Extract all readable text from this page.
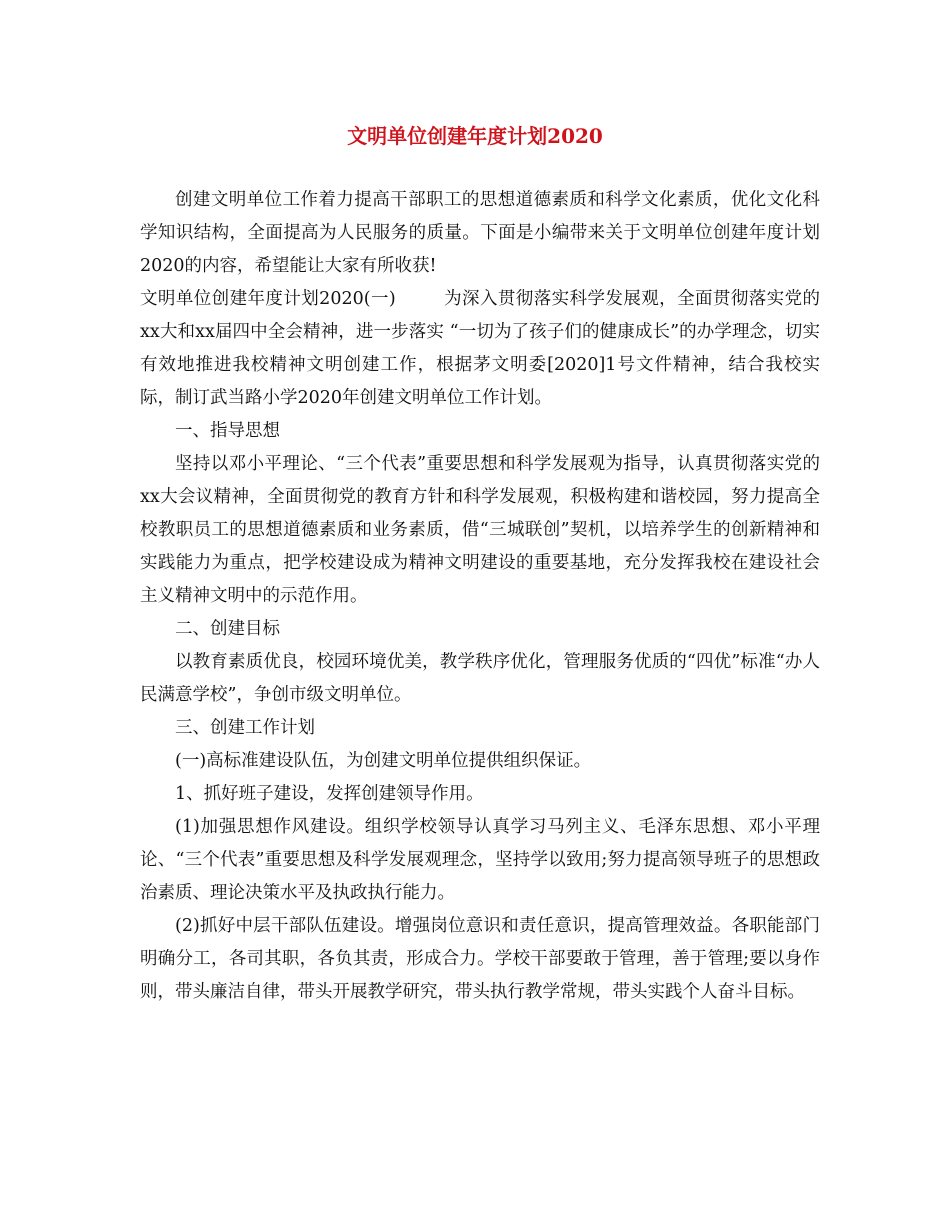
文明单位创建年度计划2020

创建文明单位工作着力提高干部职工的思想道德素质和科学文化素质，优化文化科学知识结构，全面提高为人民服务的质量。下面是小编带来关于文明单位创建年度计划2020的内容，希望能让大家有所收获!

文明单位创建年度计划2020(一)	为深入贯彻落实科学发展观，全面贯彻落实党的xx大和xx届四中全会精神，进一步落实 “一切为了孩子们的健康成长”的办学理念，切实有效地推进我校精神文明创建工作，根据茅文明委[2020]1号文件精神，结合我校实际，制订武当路小学2020年创建文明单位工作计划。

一、指导思想

坚持以邓小平理论、“三个代表”重要思想和科学发展观为指导，认真贯彻落实党的xx大会议精神，全面贯彻党的教育方针和科学发展观，积极构建和谐校园，努力提高全校教职员工的思想道德素质和业务素质，借“三城联创”契机，以培养学生的创新精神和实践能力为重点，把学校建设成为精神文明建设的重要基地，充分发挥我校在建设社会主义精神文明中的示范作用。

二、创建目标

以教育素质优良，校园环境优美，教学秩序优化，管理服务优质的“四优”标准“办人民满意学校”，争创市级文明单位。

三、创建工作计划

(一)高标准建设队伍，为创建文明单位提供组织保证。

1、抓好班子建设，发挥创建领导作用。

(1)加强思想作风建设。组织学校领导认真学习马列主义、毛泽东思想、邓小平理论、“三个代表”重要思想及科学发展观理念，坚持学以致用;努力提高领导班子的思想政治素质、理论决策水平及执政执行能力。

(2)抓好中层干部队伍建设。增强岗位意识和责任意识，提高管理效益。各职能部门明确分工，各司其职，各负其责，形成合力。学校干部要敢于管理，善于管理;要以身作则，带头廉洁自律，带头开展教学研究，带头执行教学常规，带头实践个人奋斗目标。
